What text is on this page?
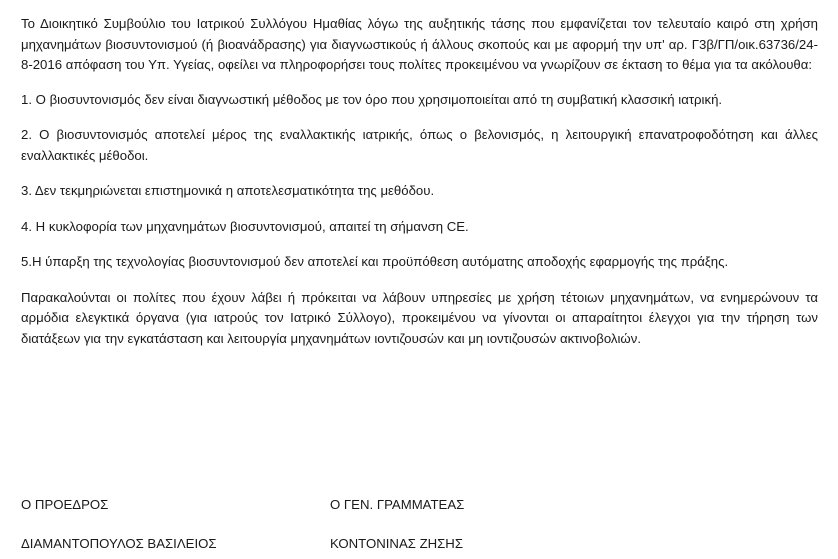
Το Διοικητικό Συμβούλιο του Ιατρικού Συλλόγου Ημαθίας λόγω της αυξητικής τάσης που εμφανίζεται τον τελευταίο καιρό στη χρήση μηχανημάτων βιοσυντονισμού (ή βιοανάδρασης) για διαγνωστικούς ή άλλους σκοπούς και με αφορμή την υπ' αρ. Γ3β/ΓΠ/οικ.63736/24-8-2016 απόφαση του Υπ. Υγείας, οφείλει να πληροφορήσει τους πολίτες προκειμένου να γνωρίζουν σε έκταση το θέμα για τα ακόλουθα:

1. Ο βιοσυντονισμός δεν είναι διαγνωστική μέθοδος με τον όρο που χρησιμοποιείται από τη συμβατική κλασσική ιατρική.

2. Ο βιοσυντονισμός αποτελεί μέρος της εναλλακτικής ιατρικής, όπως ο βελονισμός, η λειτουργική επανατροφοδότηση και άλλες εναλλακτικές μέθοδοι.

3. Δεν τεκμηριώνεται επιστημονικά η αποτελεσματικότητα της μεθόδου.

4. Η κυκλοφορία των μηχανημάτων βιοσυντονισμού, απαιτεί τη σήμανση CE.

5.Η ύπαρξη της τεχνολογίας βιοσυντονισμού δεν αποτελεί και προϋπόθεση αυτόματης αποδοχής εφαρμογής της πράξης.

Παρακαλούνται οι πολίτες που έχουν λάβει ή πρόκειται να λάβουν υπηρεσίες με χρήση τέτοιων μηχανημάτων, να ενημερώνουν τα αρμόδια ελεγκτικά όργανα (για ιατρούς τον Ιατρικό Σύλλογο), προκειμένου να γίνονται οι απαραίτητοι έλεγχοι για την τήρηση των διατάξεων για την εγκατάσταση και λειτουργία μηχανημάτων ιοντιζουσών και μη ιοντιζουσών ακτινοβολιών.

Ο ΠΡΟΕΔΡΟΣ	Ο ΓΕΝ. ΓΡΑΜΜΑΤΕΑΣ
ΔΙΑΜΑΝΤΟΠΟΥΛΟΣ ΒΑΣΙΛΕΙΟΣ	ΚΟΝΤΟΝΙΝΑΣ ΖΗΣΗΣ
